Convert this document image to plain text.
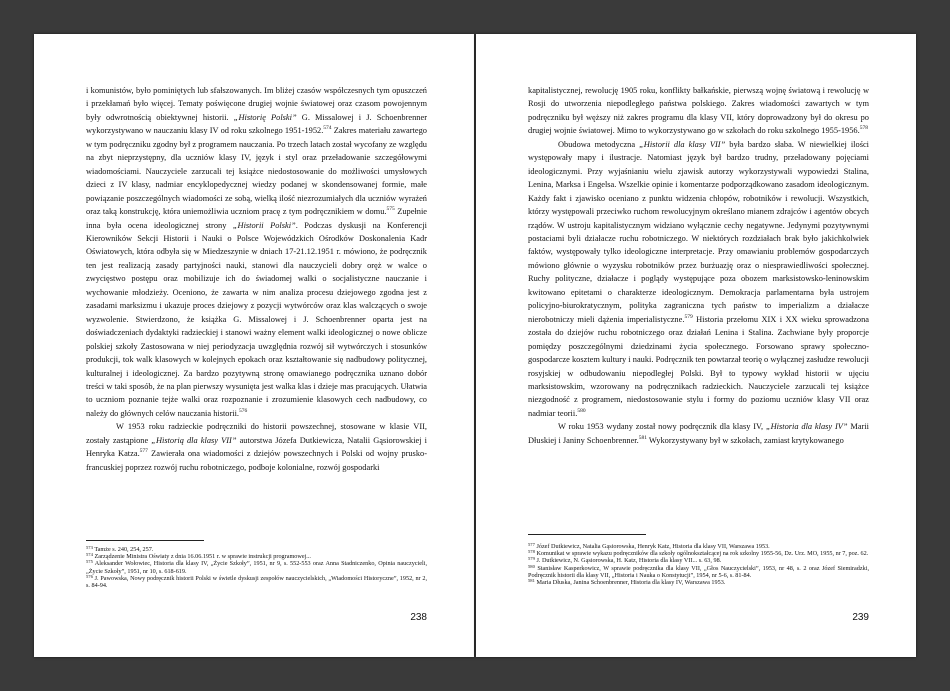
i komunistów, było pominiętych lub sfałszowanych. Im bliżej czasów współczesnych tym opuszczeń i przekłamań było więcej. Tematy poświęcone drugiej wojnie światowej oraz czasom powojennym były odwrotnością obiektywnej historii. „Historię Polski” G. Missalowej i J. Schoenbrenner wykorzystywano w nauczaniu klasy IV od roku szkolnego 1951-1952.$^{574}$ Zakres materiału zawartego w tym podręczniku zgodny był z programem nauczania. Po trzech latach został wycofany ze względu na zbyt nieprzystępny, dla uczniów klasy IV, język i styl oraz przeładowanie szczegółowymi wiadomościami. Nauczyciele zarzucali tej książce niedostosowanie do możliwości umysłowych dzieci z IV klasy, nadmiar encyklopedycznej wiedzy podanej w skondensowanej formie, małe powiązanie poszczególnych wiadomości ze sobą, wielką ilość niezrozumiałych dla uczniów wyrażeń oraz taką konstrukcję, która uniemożliwia uczniom pracę z tym podręcznikiem w domu.$^{575}$ Zupełnie inna była ocena ideologicznej strony „Historii Polski”. Podczas dyskusji na Konferencji Kierowników Sekcji Historii i Nauki o Polsce Wojewódzkich Ośrodków Doskonalenia Kadr Oświatowych, która odbyła się w Miedzeszynie w dniach 17-21.12.1951 r. mówiono, że podręcznik ten jest realizacją zasady partyjności nauki, stanowi dla nauczycieli dobry oręż w walce o zwycięstwo postępu oraz mobilizuje ich do świadomej walki o socjalistyczne nauczanie i wychowanie młodzieży. Oceniono, że zawarta w nim analiza procesu dziejowego zgodna jest z zasadami marksizmu i ukazuje proces dziejowy z pozycji wytwórców oraz klas walczących o swoje wyzwolenie. Stwierdzono, że książka G. Missalowej i J. Schoenbrenner oparta jest na doświadczeniach dydaktyki radzieckiej i stanowi ważny element walki ideologicznej o nowe oblicze polskiej szkoły Zastosowana w niej periodyzacja uwzględnia rozwój sił wytwórczych i stosunków produkcji, tok walk klasowych w kolejnych epokach oraz kształtowanie się nadbudowy politycznej, kulturalnej i ideologicznej. Za bardzo pozytywną stronę omawianego podręcznika uznano dobór treści w taki sposób, że na plan pierwszy wysunięta jest walka klas i dzieje mas pracujących. Ułatwia to uczniom poznanie tejże walki oraz rozpoznanie i zrozumienie klasowych cech nadbudowy, co należy do głównych celów nauczania historii.$^{576}$

W 1953 roku radzieckie podręczniki do historii powszechnej, stosowane w klasie VII, zostały zastąpione „Historią dla klasy VII” autorstwa Józefa Dutkiewicza, Natalii Gąsiorowskiej i Henryka Katza.$^{577}$ Zawierała ona wiadomości z dziejów powszechnych i Polski od wojny prusko-francuskiej poprzez rozwój ruchu robotniczego, podboje kolonialne, rozwój gospodarki

$^{573}$ Tamże s. 240, 254, 257.

$^{574}$ Zarządzenie Ministra Oświaty z dnia 16.06.1951 r. w sprawie instrukcji programowej...

$^{575}$ Aleksander Wołowiec, Historia dla klasy IV, „Życie Szkoły”, 1951, nr 9, s. 552-553 oraz Anna Stadniczenko, Opinia nauczycieli, „Życie Szkoły”, 1951, nr 10, s. 618-619.

$^{576}$ J. Pawowska, Nowy podręcznik historii Polski w świetle dyskusji zespołów nauczycielskich, „Wiadomości Historyczne”, 1952, nr 2, s. 84-94.

238

kapitalistycznej, rewolucję 1905 roku, konflikty bałkańskie, pierwszą wojnę światową i rewolucję w Rosji do utworzenia niepodległego państwa polskiego. Zakres wiadomości zawartych w tym podręczniku był węższy niż zakres programu dla klasy VII, który doprowadzony był do okresu po drugiej wojnie światowej. Mimo to wykorzystywano go w szkołach do roku szkolnego 1955-1956.$^{578}$

Obudowa metodyczna „Historii dla klasy VII” była bardzo słaba. W niewielkiej ilości występowały mapy i ilustracje. Natomiast język był bardzo trudny, przeładowany pojęciami ideologicznymi. Przy wyjaśnianiu wielu zjawisk autorzy wykorzystywali wypowiedzi Stalina, Lenina, Marksa i Engelsa. Wszelkie opinie i komentarze podporządkowano zasadom ideologicznym. Każdy fakt i zjawisko oceniano z punktu widzenia chłopów, robotników i rewolucji. Wszystkich, którzy występowali przeciwko ruchom rewolucyjnym określano mianem zdrajców i agentów obcych rządów. W ustroju kapitalistycznym widziano wyłącznie cechy negatywne. Jedynymi pozytywnymi postaciami byli działacze ruchu robotniczego. W niektórych rozdziałach brak było jakichkolwiek faktów, występowały tylko ideologiczne interpretacje. Przy omawianiu problemów gospodarczych mówiono głównie o wyzysku robotników przez burżuazję oraz o niesprawiedliwości społecznej. Ruchy polityczne, działacze i poglądy występujące poza obozem marksistowsko-leninowskim kwitowano epitetami o charakterze ideologicznym. Demokracja parlamentarna była ustrojem policyjno-biurokratycznym, polityka zagraniczna tych państw to imperializm a działacze nierobotniczy mieli dążenia imperialistyczne.$^{579}$ Historia przełomu XIX i XX wieku sprowadzona została do dziejów ruchu robotniczego oraz działań Lenina i Stalina. Zachwiane były proporcje pomiędzy poszczególnymi dziedzinami życia społecznego. Forsowano sprawy społeczno-gospodarcze kosztem kultury i nauki. Podręcznik ten powtarzał teorię o wyłącznej zasłudze rewolucji rosyjskiej w odbudowaniu niepodległej Polski. Był to typowy wykład historii w ujęciu marksistowskim, wzorowany na podręcznikach radzieckich. Nauczyciele zarzucali tej książce niezgodność z programem, niedostosowanie stylu i formy do poziomu uczniów klasy VII oraz nadmiar teorii.$^{580}$

W roku 1953 wydany został nowy podręcznik dla klasy IV, „Historia dla klasy IV” Marii Dłuskiej i Janiny Schoenbrenner.$^{581}$ Wykorzystywany był w szkołach, zamiast krytykowanego

$^{577}$ Józef Dutkiewicz, Natalia Gąsiorowska, Henryk Katz, Historia dla klasy VII, Warszawa 1953.

$^{578}$ Komunikat w sprawie wykazu podręczników dla szkoły ogólnokształcącej na rok szkolny 1955-56, Dz. Urz. MO, 1955, nr 7, poz. 62.

$^{579}$ J. Dutkiewicz, N. Gąsiorowska, H. Katz, Historia dla klasy VII... s. 63, 98.

$^{580}$ Stanisław Kasperkowicz, W sprawie podręcznika dla klasy VII, „Głos Nauczycielski”, 1953, nr 48, s. 2 oraz Józef Siemiradzki, Podręcznik historii dla klasy VII, „Historia i Nauka o Konstytucji”, 1954, nr 5-6, s. 81-84.

$^{581}$ Maria Dłuska, Janina Schoenbrenner, Historia dla klasy IV, Warszawa 1953.

239
